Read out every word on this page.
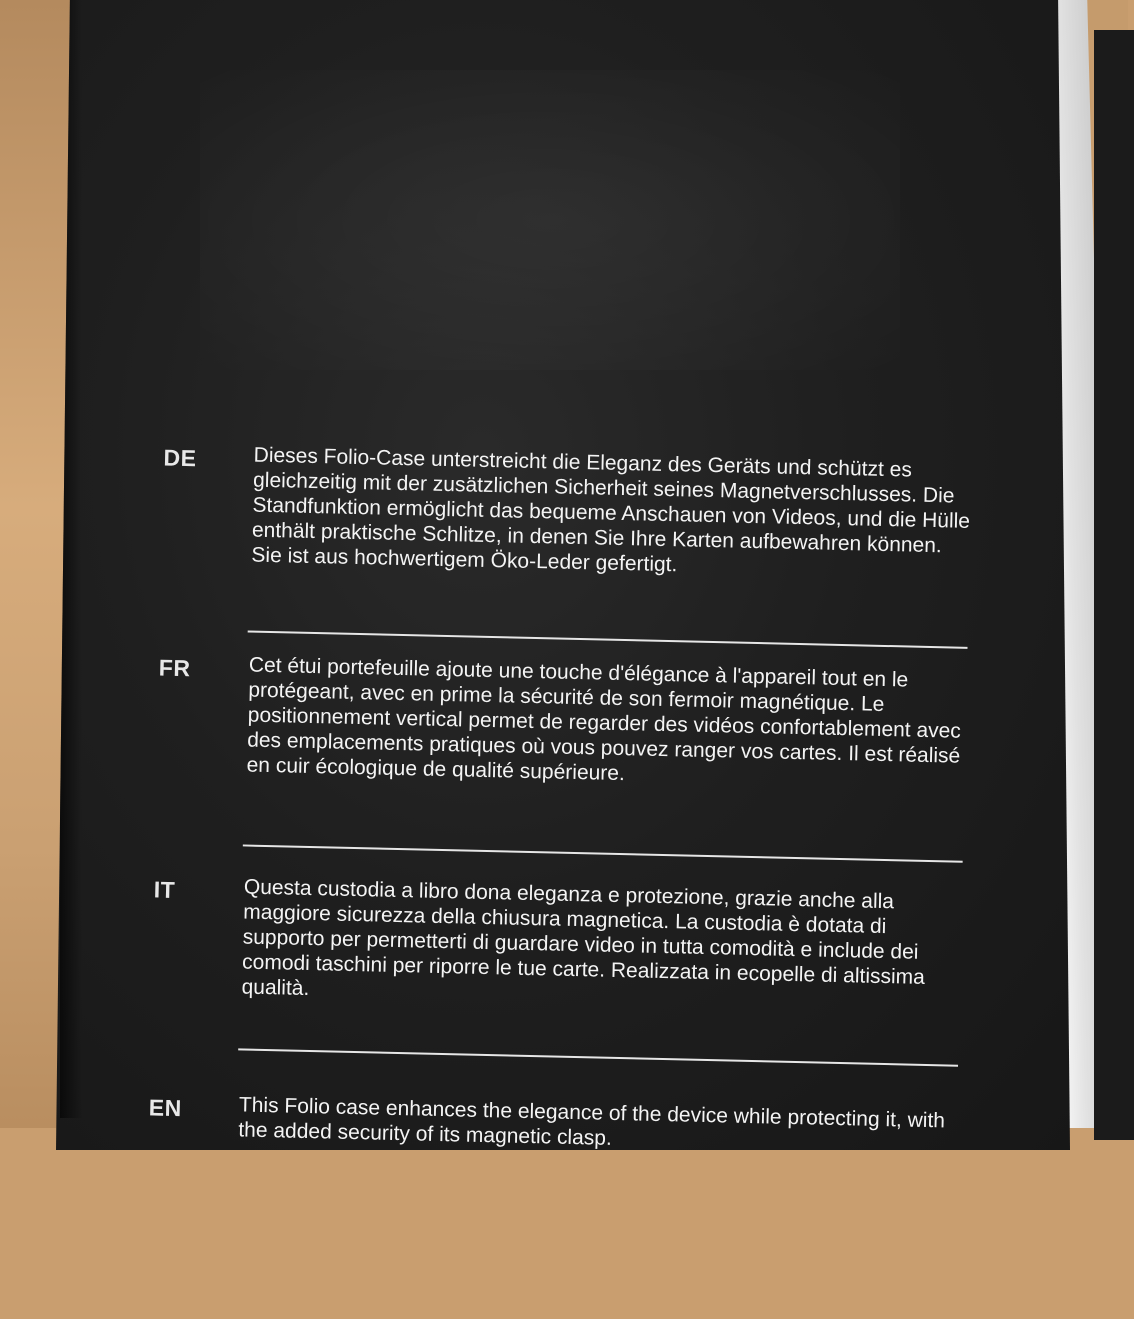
DE	Dieses Folio-Case unterstreicht die Eleganz des Geräts und schützt es gleichzeitig mit der zusätzlichen Sicherheit seines Magnetverschlusses. Die Standfunktion ermöglicht das bequeme Anschauen von Videos, und die Hülle enthält praktische Schlitze, in denen Sie Ihre Karten aufbewahren können. Sie ist aus hochwertigem Öko-Leder gefertigt.

FR	Cet étui portefeuille ajoute une touche d'élégance à l'appareil tout en le protégeant, avec en prime la sécurité de son fermoir magnétique. Le positionnement vertical permet de regarder des vidéos confortablement avec des emplacements pratiques où vous pouvez ranger vos cartes. Il est réalisé en cuir écologique de qualité supérieure.

IT	Questa custodia a libro dona eleganza e protezione, grazie anche alla maggiore sicurezza della chiusura magnetica. La custodia è dotata di supporto per permetterti di guardare video in tutta comodità e include dei comodi taschini per riporre le tue carte. Realizzata in ecopelle di altissima qualità.

EN	This Folio case enhances the elegance of the device while protecting it, with the added security of its magnetic clasp.
